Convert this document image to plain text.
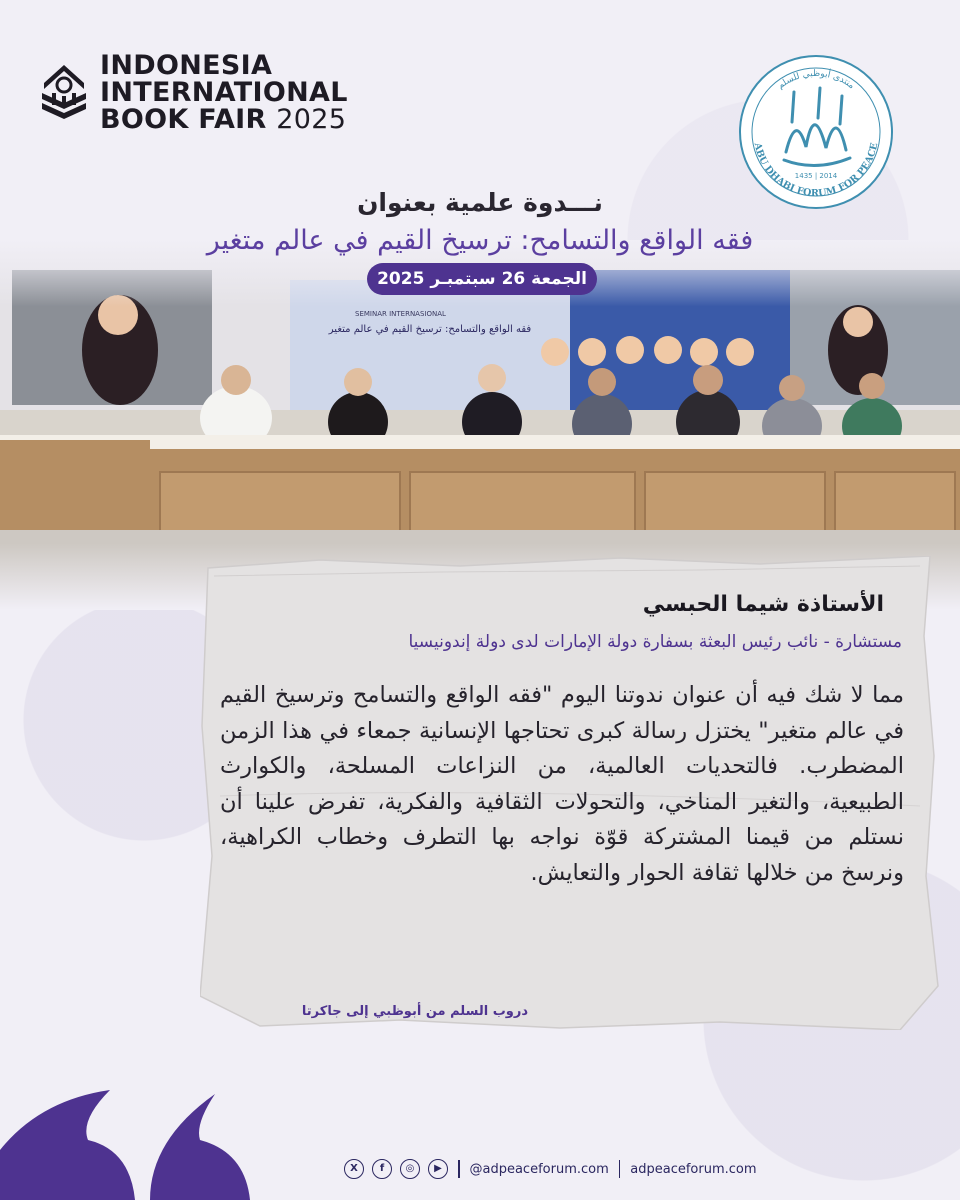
INDONESIA
INTERNATIONAL
BOOK FAIR 2025
منتدى أبوظبي للسلم
ABU DHABI FORUM FOR PEACE
1435 | 2014
نـــدوة علمية بعنوان
فقه الواقع والتسامح: ترسيخ القيم في عالم متغير
الجمعة 26 سبتمبـر 2025
الأستاذة شيما الحبسي
مستشارة - نائب رئيس البعثة بسفارة دولة الإمارات لدى دولة إندونيسيا
مما لا شك فيه أن عنوان ندوتنا اليوم "فقه الواقع والتسامح وترسيخ القيم في عالم متغير" يختزل رسالة كبرى تحتاجها الإنسانية جمعاء في هذا الزمن المضطرب. فالتحديات العالمية، من النزاعات المسلحة، والكوارث الطبيعية، والتغير المناخي، والتحولات الثقافية والفكرية، تفرض علينا أن نستلم من قيمنا المشتركة قوّة نواجه بها التطرف وخطاب الكراهية، ونرسخ من خلالها ثقافة الحوار والتعايش.
دروب السلم من أبوظبي إلى جاكرتا
X	f	◎	▶	@adpeaceforum.com adpeaceforum.com
